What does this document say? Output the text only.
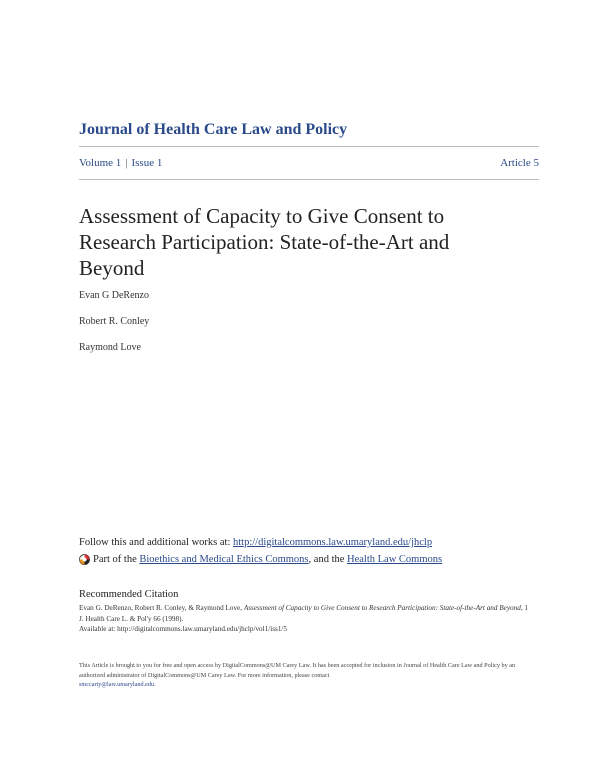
Journal of Health Care Law and Policy
Volume 1 | Issue 1	Article 5
Assessment of Capacity to Give Consent to Research Participation: State-of-the-Art and Beyond
Evan G DeRenzo
Robert R. Conley
Raymond Love
Follow this and additional works at: http://digitalcommons.law.umaryland.edu/jhclp
Part of the Bioethics and Medical Ethics Commons , and the Health Law Commons
Recommended Citation
Evan G. DeRenzo, Robert R. Conley, & Raymond Love, Assessment of Capacity to Give Consent to Research Participation: State-of-the-Art and Beyond, 1 J. Health Care L. & Pol'y 66 (1998).
Available at: http://digitalcommons.law.umaryland.edu/jhclp/vol1/iss1/5
This Article is brought to you for free and open access by DigitalCommons@UM Carey Law. It has been accepted for inclusion in Journal of Health Care Law and Policy by an authorized administrator of DigitalCommons@UM Carey Law. For more information, please contact
smccarty@law.umaryland.edu.
